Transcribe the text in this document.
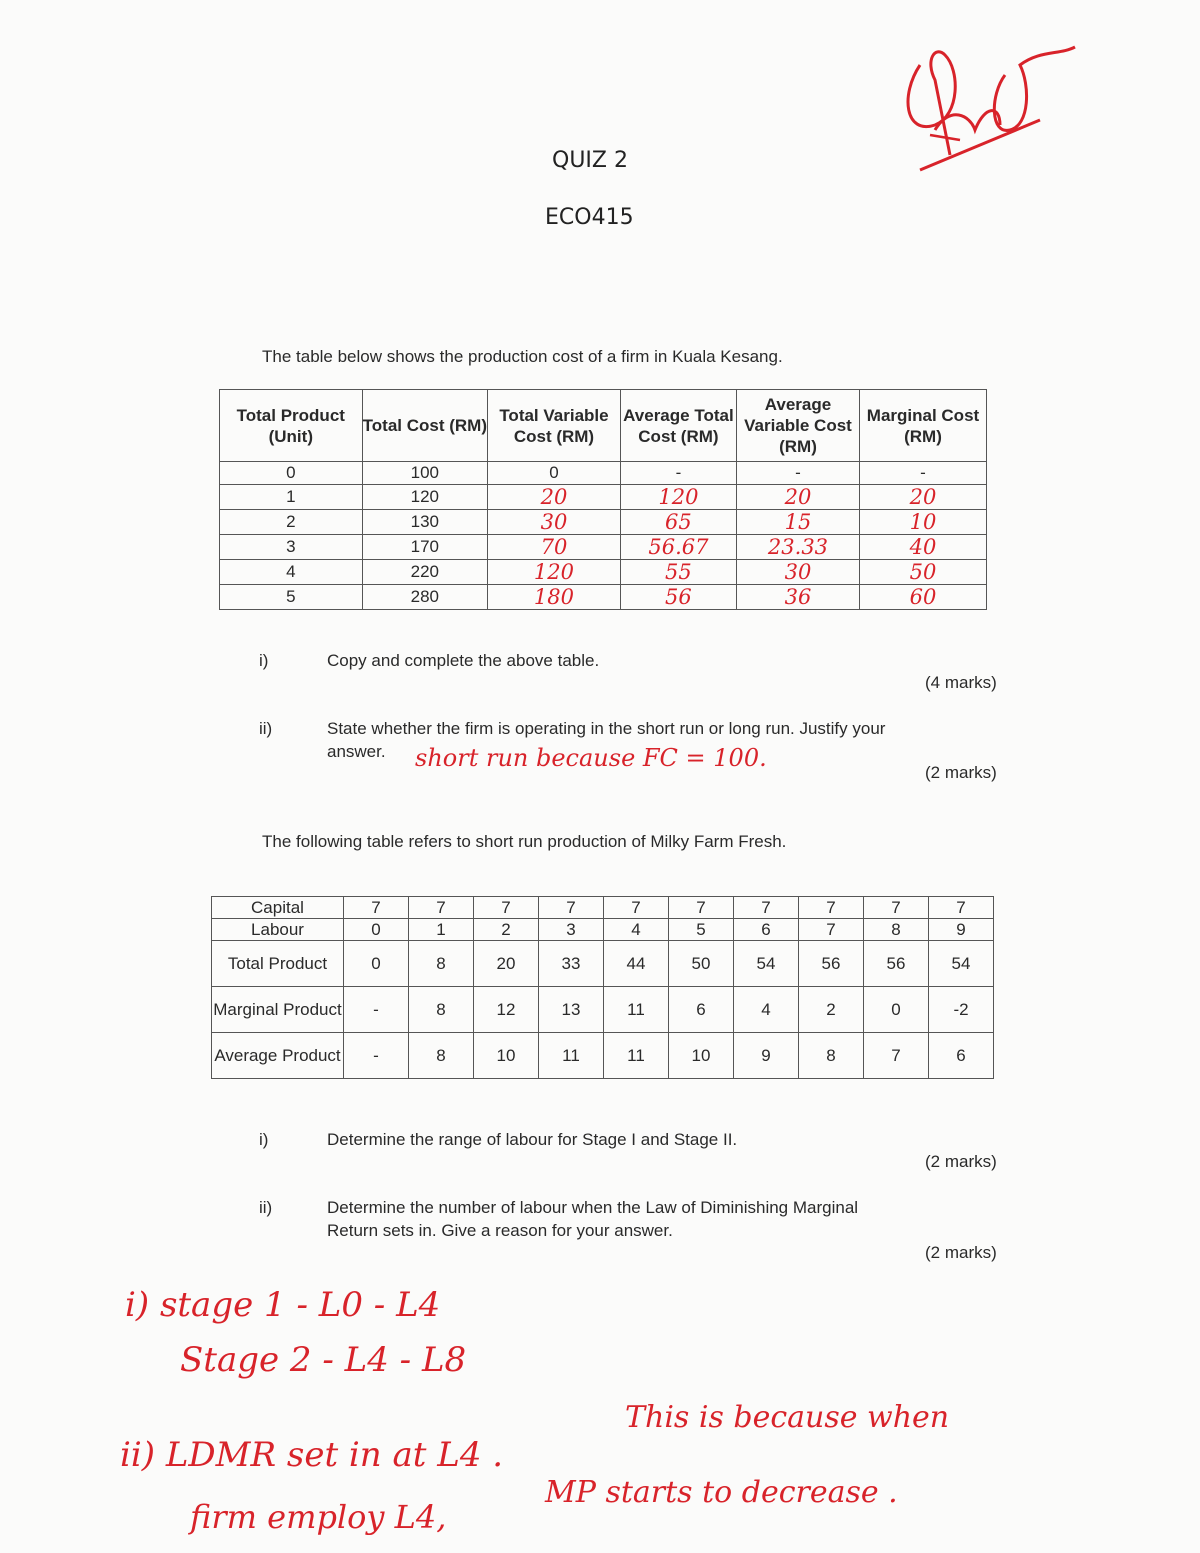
QUIZ 2
ECO415
The table below shows the production cost of a firm in Kuala Kesang.
Total Product (Unit)	Total Cost (RM)	Total Variable Cost (RM)	Average Total Cost (RM)	Average Variable Cost (RM)	Marginal Cost (RM)
0	100	0	-	-	-
1	120	20	120	20	20
2	130	30	65	15	10
3	170	70	56.67	23.33	40
4	220	120	55	30	50
5	280	180	56	36	60
i)	Copy and complete the above table.
(4 marks)
ii)	State whether the firm is operating in the short run or long run. Justify your
answer. short run because FC = 100.
(2 marks)
The following table refers to short run production of Milky Farm Fresh.
Capital	7	7	7	7	7	7	7	7	7	7
Labour	0	1	2	3	4	5	6	7	8	9
Total Product	0	8	20	33	44	50	54	56	56	54
Marginal Product	-	8	12	13	11	6	4	2	0	-2
Average Product	-	8	10	11	11	10	9	8	7	6
i)	Determine the range of labour for Stage I and Stage II.
(2 marks)
ii)	Determine the number of labour when the Law of Diminishing Marginal
Return sets in. Give a reason for your answer.
(2 marks)
i) stage 1 - L0 - L4
Stage 2 - L4 - L8
This is because when
ii) LDMR set in at L4 .
MP starts to decrease .
firm employ L4,
